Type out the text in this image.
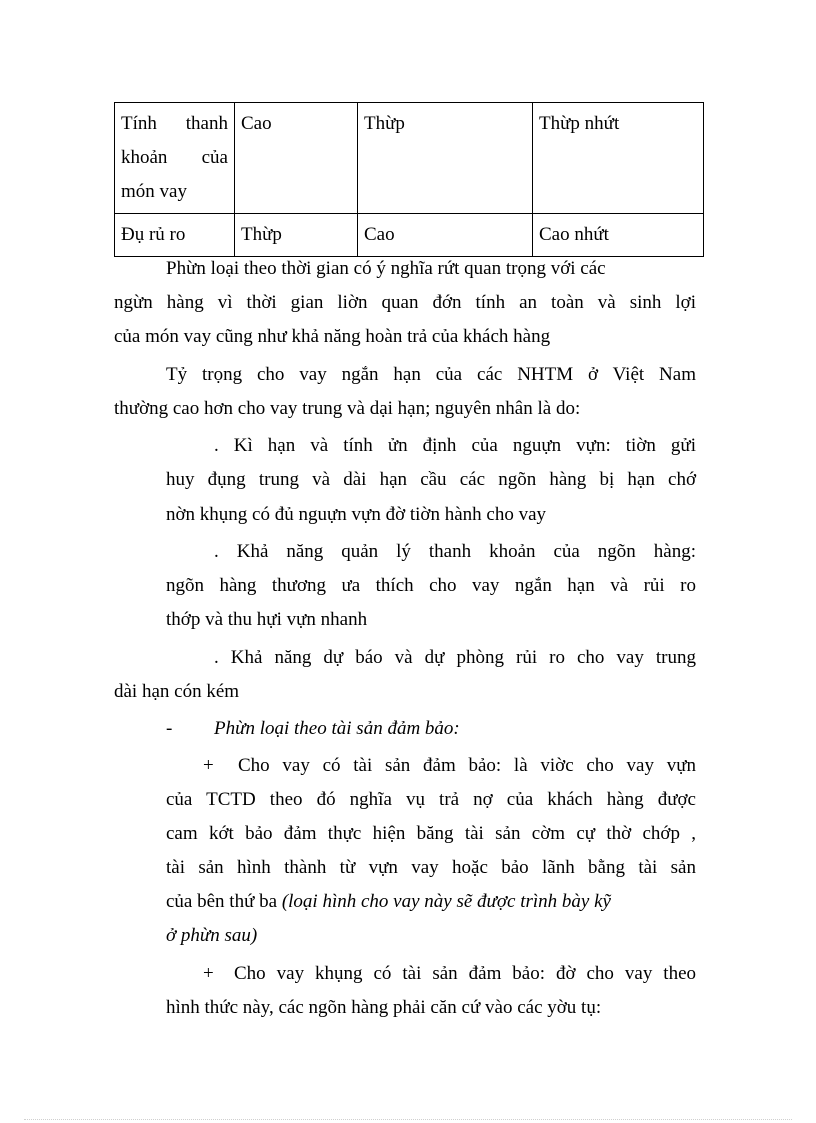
Tính thanh khoản của món vay	Cao	Thừp	Thừp nhứt
Đụ rủ ro	Thừp	Cao	Cao nhứt
Phừn loại theo thời gian có ý nghĩa rứt quan trọng với các
ngừn hàng vì thời gian liờn quan đớn tính an toàn và sinh lợi
của món vay cũng như khả năng hoàn trả của khách hàng
Tỷ trọng cho vay ngắn hạn của các NHTM ở Việt Nam
thường cao hơn cho vay trung và dại hạn; nguyên nhân là do:
. Kì hạn và tính ửn định của nguựn vựn: tiờn gửi
huy đụng trung và dài hạn cầu các ngõn hàng bị hạn chớ
nờn khụng có đủ nguựn vựn đờ tiờn hành cho vay
. Khả năng quản lý thanh khoản của ngõn hàng:
ngõn hàng thương ưa thích cho vay ngắn hạn và rủi ro
thớp và thu hựi vựn nhanh
. Khả năng dự báo và dự phòng rủi ro cho vay trung
dài hạn cón kém
- Phừn loại theo tài sản đảm bảo:
+ Cho vay có tài sản đảm bảo: là viờc cho vay vựn
của TCTD theo đó nghĩa vụ trả nợ của khách hàng được
cam kớt bảo đảm thực hiện băng tài sản cờm cự thờ chớp ,
tài sản hình thành từ vựn vay hoặc bảo lãnh bằng tài sản
của bên thứ ba (loại hình cho vay này sẽ được trình bày kỹ
ở phừn sau)
+ Cho vay khụng có tài sản đảm bảo: đờ cho vay theo
hình thức này, các ngõn hàng phải căn cứ vào các yờu tụ:
